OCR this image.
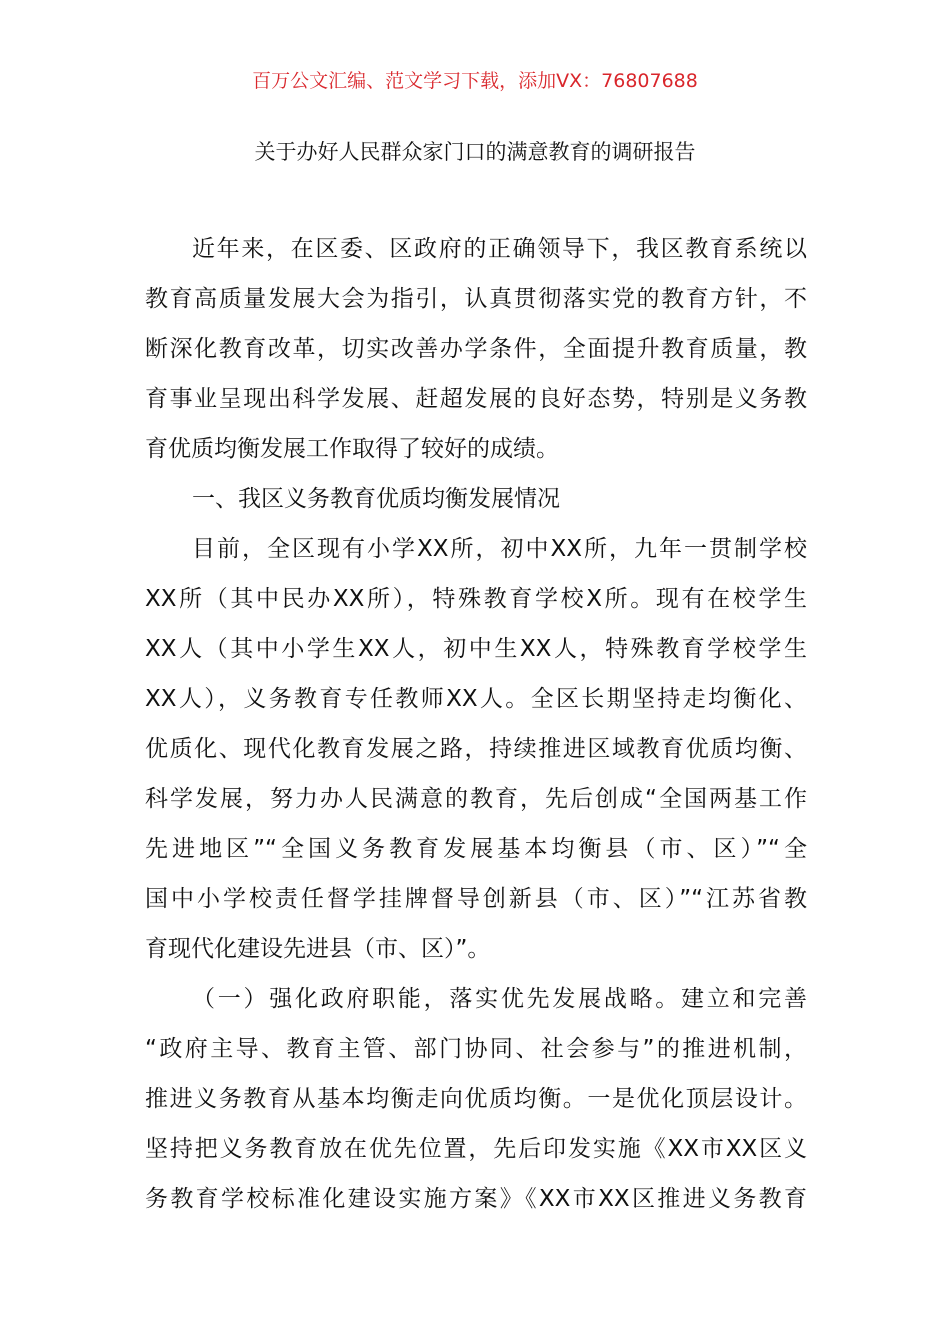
百万公文汇编、范文学习下载，添加VX：76807688
关于办好人民群众家门口的满意教育的调研报告
近年来，在区委、区政府的正确领导下，我区教育系统以
教育高质量发展大会为指引，认真贯彻落实党的教育方针，不
断深化教育改革，切实改善办学条件，全面提升教育质量，教
育事业呈现出科学发展、赶超发展的良好态势，特别是义务教
育优质均衡发展工作取得了较好的成绩。
一、我区义务教育优质均衡发展情况
目前，全区现有小学XX所，初中XX所，九年一贯制学校
XX所（其中民办XX所），特殊教育学校X所。现有在校学生
XX人（其中小学生XX人，初中生XX人，特殊教育学校学生
XX人），义务教育专任教师XX人。全区长期坚持走均衡化、
优质化、现代化教育发展之路，持续推进区域教育优质均衡、
科学发展，努力办人民满意的教育，先后创成“全国两基工作
先进地区”“全国义务教育发展基本均衡县（市、区）”“全
国中小学校责任督学挂牌督导创新县（市、区）”“江苏省教
育现代化建设先进县（市、区）”。
（一）强化政府职能，落实优先发展战略。建立和完善
“政府主导、教育主管、部门协同、社会参与”的推进机制，
推进义务教育从基本均衡走向优质均衡。一是优化顶层设计。
坚持把义务教育放在优先位置，先后印发实施《XX市XX区义
务教育学校标准化建设实施方案》《XX市XX区推进义务教育
